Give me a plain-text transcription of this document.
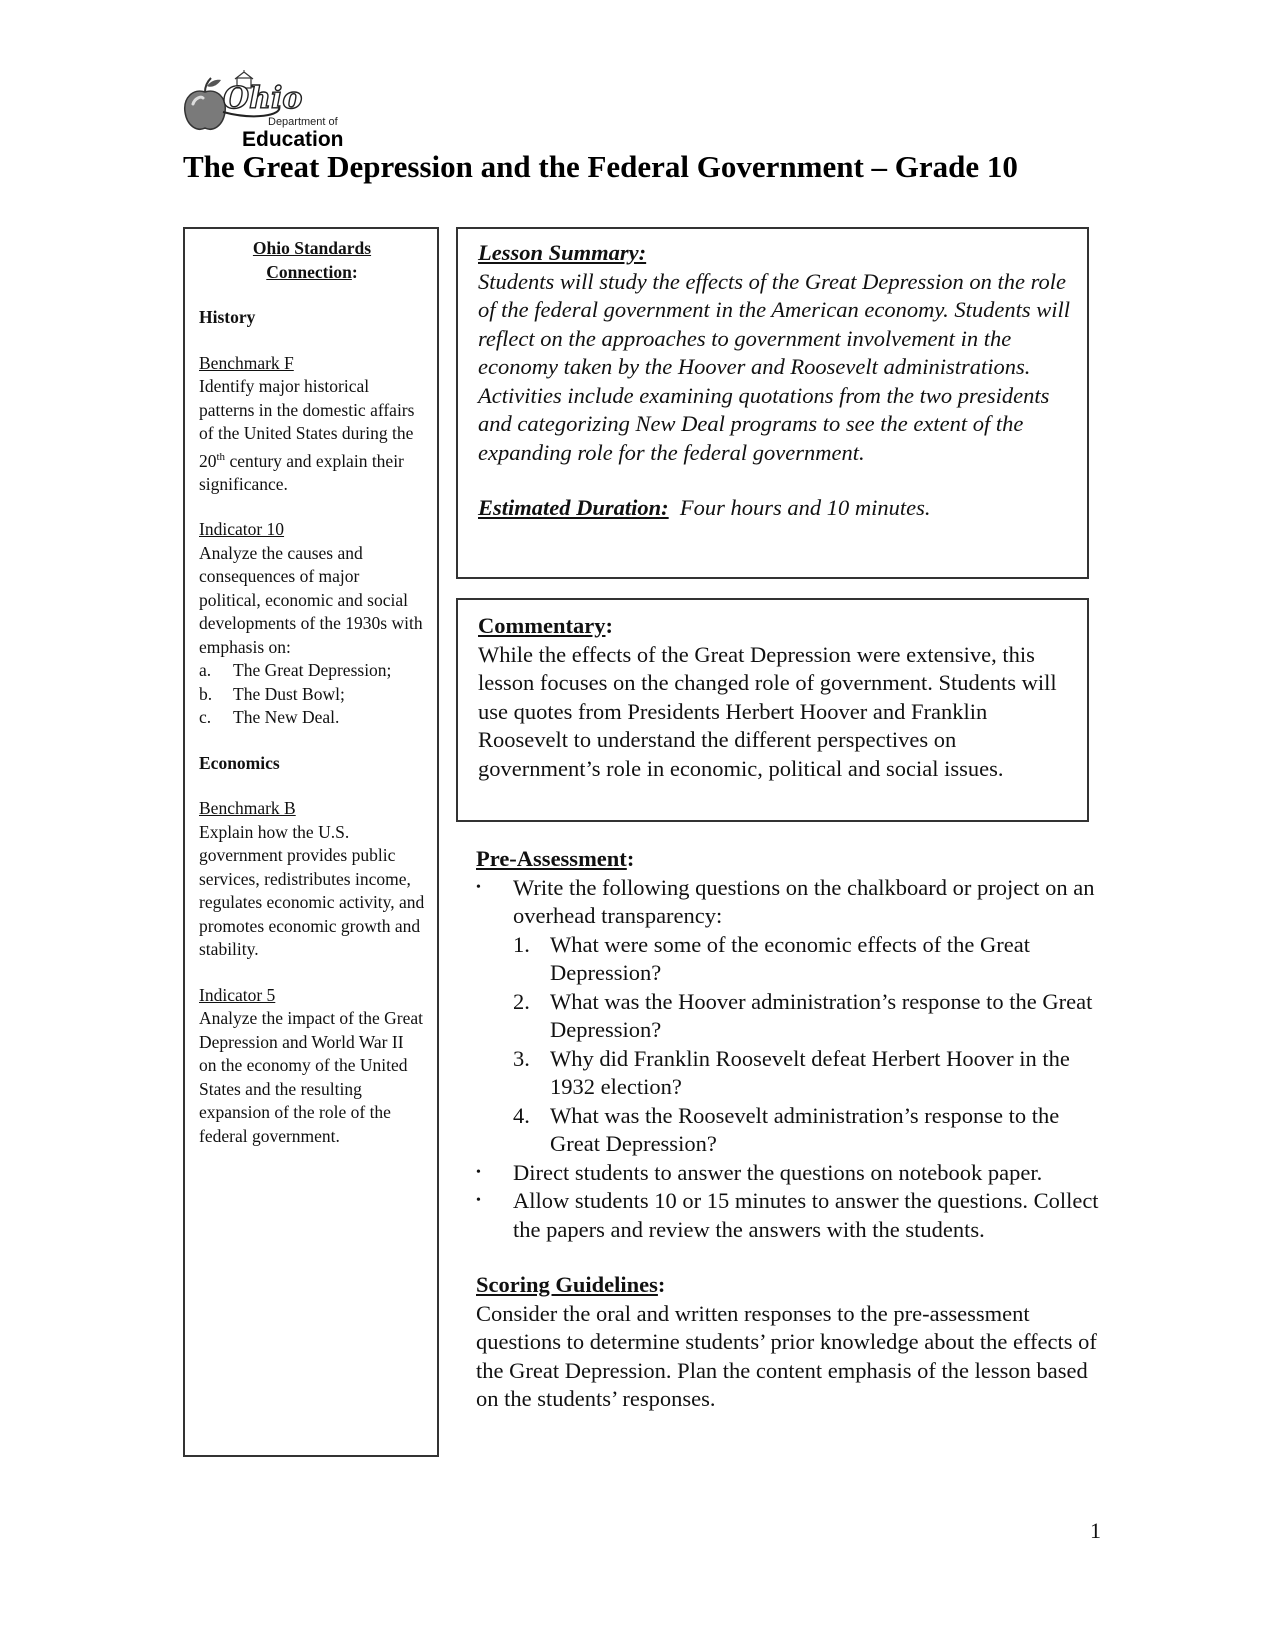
Ohio
Department of
Education
The Great Depression and the Federal Government – Grade 10
Ohio Standards
Connection:
History
Benchmark F
Identify major historical patterns in the domestic affairs of the United States during the 20th century and explain their significance.
Indicator 10
Analyze the causes and consequences of major political, economic and social developments of the 1930s with emphasis on:
a.	The Great Depression;
b.	The Dust Bowl;
c.	The New Deal.
Economics
Benchmark B
Explain how the U.S. government provides public services, redistributes income, regulates economic activity, and promotes economic growth and stability.
Indicator 5
Analyze the impact of the Great Depression and World War II on the economy of the United States and the resulting expansion of the role of the federal government.
Lesson Summary:
Students will study the effects of the Great Depression on the role of the federal government in the American economy. Students will reflect on the approaches to government involvement in the economy taken by the Hoover and Roosevelt administrations. Activities include examining quotations from the two presidents and categorizing New Deal programs to see the extent of the expanding role for the federal government.
Estimated Duration: Four hours and 10 minutes.
Commentary:
While the effects of the Great Depression were extensive, this lesson focuses on the changed role of government. Students will use quotes from Presidents Herbert Hoover and Franklin Roosevelt to understand the different perspectives on government’s role in economic, political and social issues.
Pre-Assessment:
•	Write the following questions on the chalkboard or project on an overhead transparency:
1. What were some of the economic effects of the Great Depression?
2. What was the Hoover administration’s response to the Great Depression?
3. Why did Franklin Roosevelt defeat Herbert Hoover in the 1932 election?
4. What was the Roosevelt administration’s response to the Great Depression?
•	Direct students to answer the questions on notebook paper.
•	Allow students 10 or 15 minutes to answer the questions. Collect the papers and review the answers with the students.
Scoring Guidelines:
Consider the oral and written responses to the pre-assessment questions to determine students’ prior knowledge about the effects of the Great Depression. Plan the content emphasis of the lesson based on the students’ responses.
1
